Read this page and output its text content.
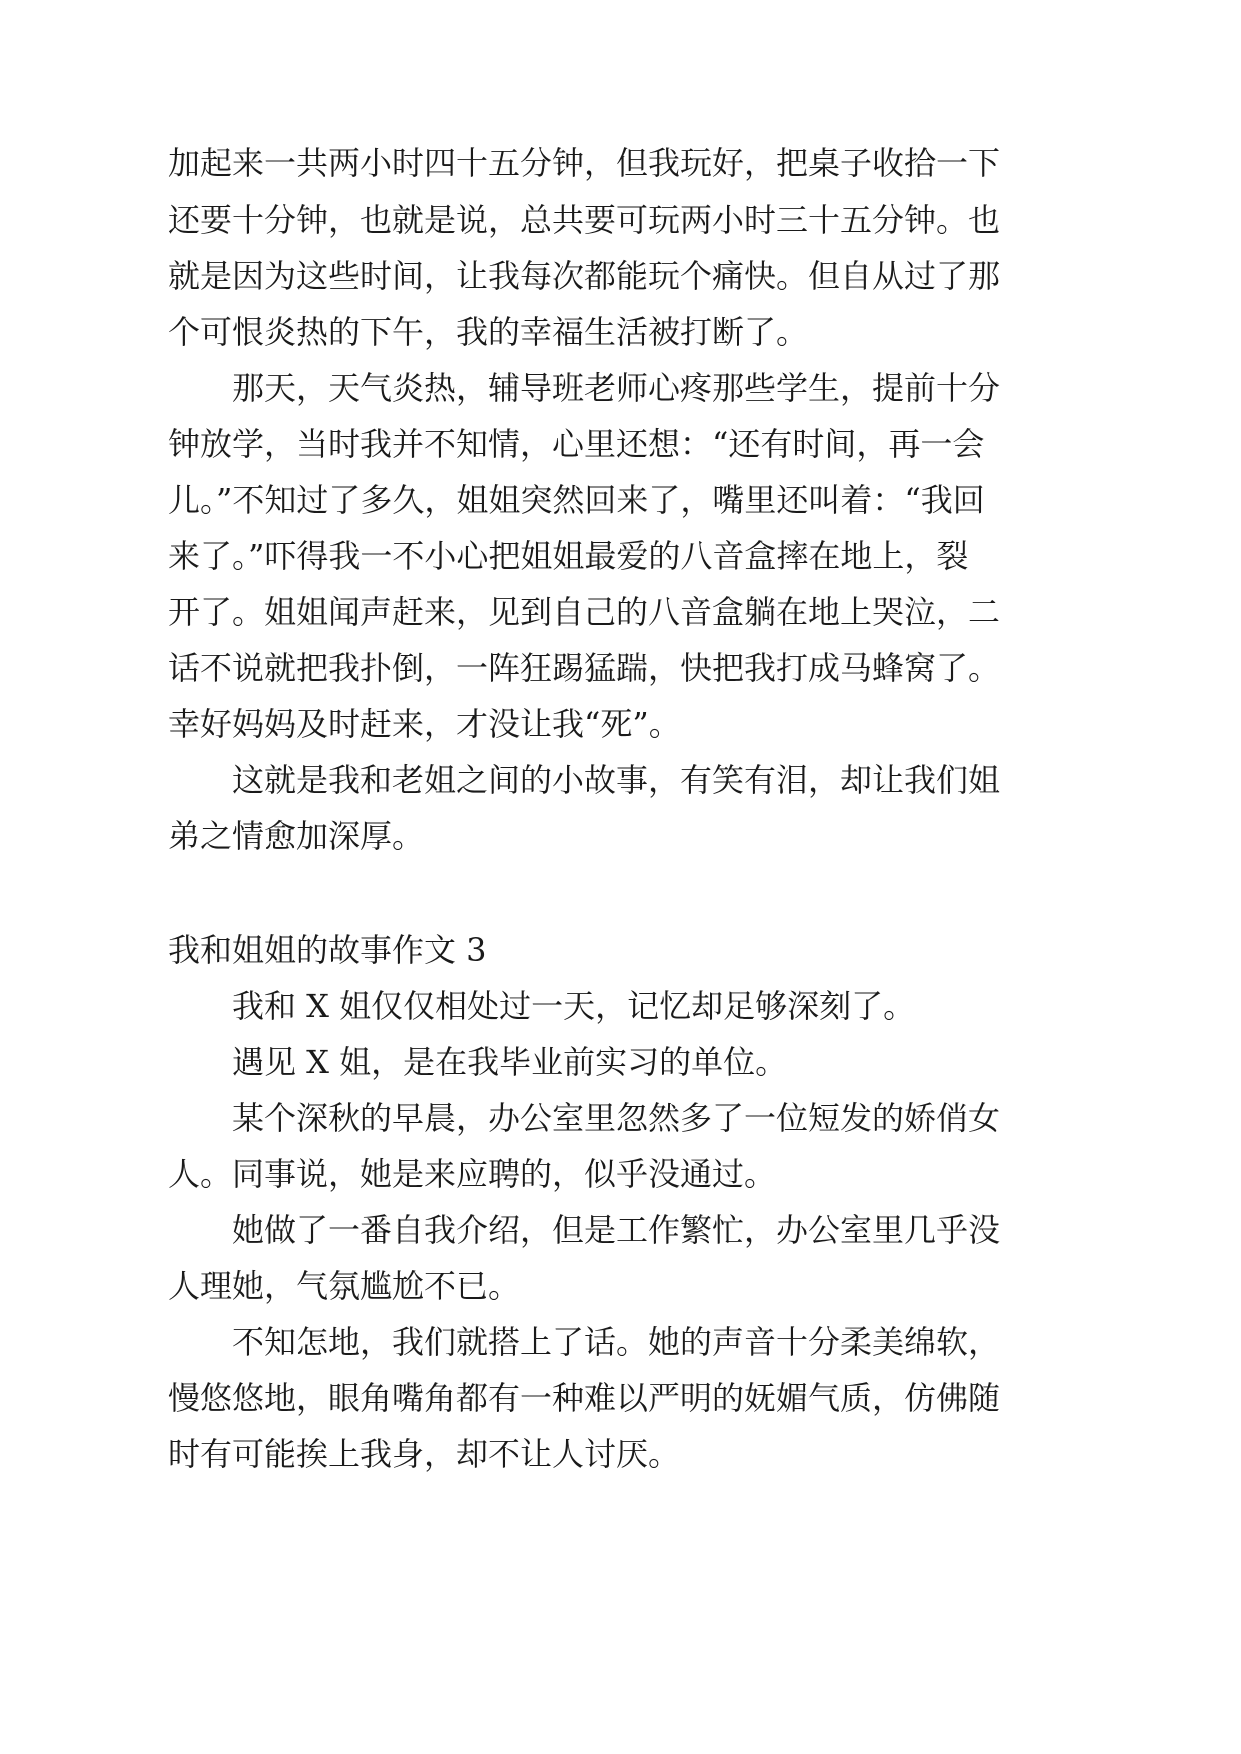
加起来一共两小时四十五分钟，但我玩好，把桌子收拾一下
还要十分钟，也就是说，总共要可玩两小时三十五分钟。也
就是因为这些时间，让我每次都能玩个痛快。但自从过了那
个可恨炎热的下午，我的幸福生活被打断了。
那天，天气炎热，辅导班老师心疼那些学生，提前十分
钟放学，当时我并不知情，心里还想：“还有时间，再一会
儿。”不知过了多久，姐姐突然回来了，嘴里还叫着：“我回
来了。”吓得我一不小心把姐姐最爱的八音盒摔在地上，裂
开了。姐姐闻声赶来，见到自己的八音盒躺在地上哭泣，二
话不说就把我扑倒，一阵狂踢猛踹，快把我打成马蜂窝了。
幸好妈妈及时赶来，才没让我“死”。
这就是我和老姐之间的小故事，有笑有泪，却让我们姐
弟之情愈加深厚。
我和姐姐的故事作文 3
我和 X 姐仅仅相处过一天，记忆却足够深刻了。
遇见 X 姐，是在我毕业前实习的单位。
某个深秋的早晨，办公室里忽然多了一位短发的娇俏女
人。同事说，她是来应聘的，似乎没通过。
她做了一番自我介绍，但是工作繁忙，办公室里几乎没
人理她，气氛尴尬不已。
不知怎地，我们就搭上了话。她的声音十分柔美绵软，
慢悠悠地，眼角嘴角都有一种难以严明的妩媚气质，仿佛随
时有可能挨上我身，却不让人讨厌。
